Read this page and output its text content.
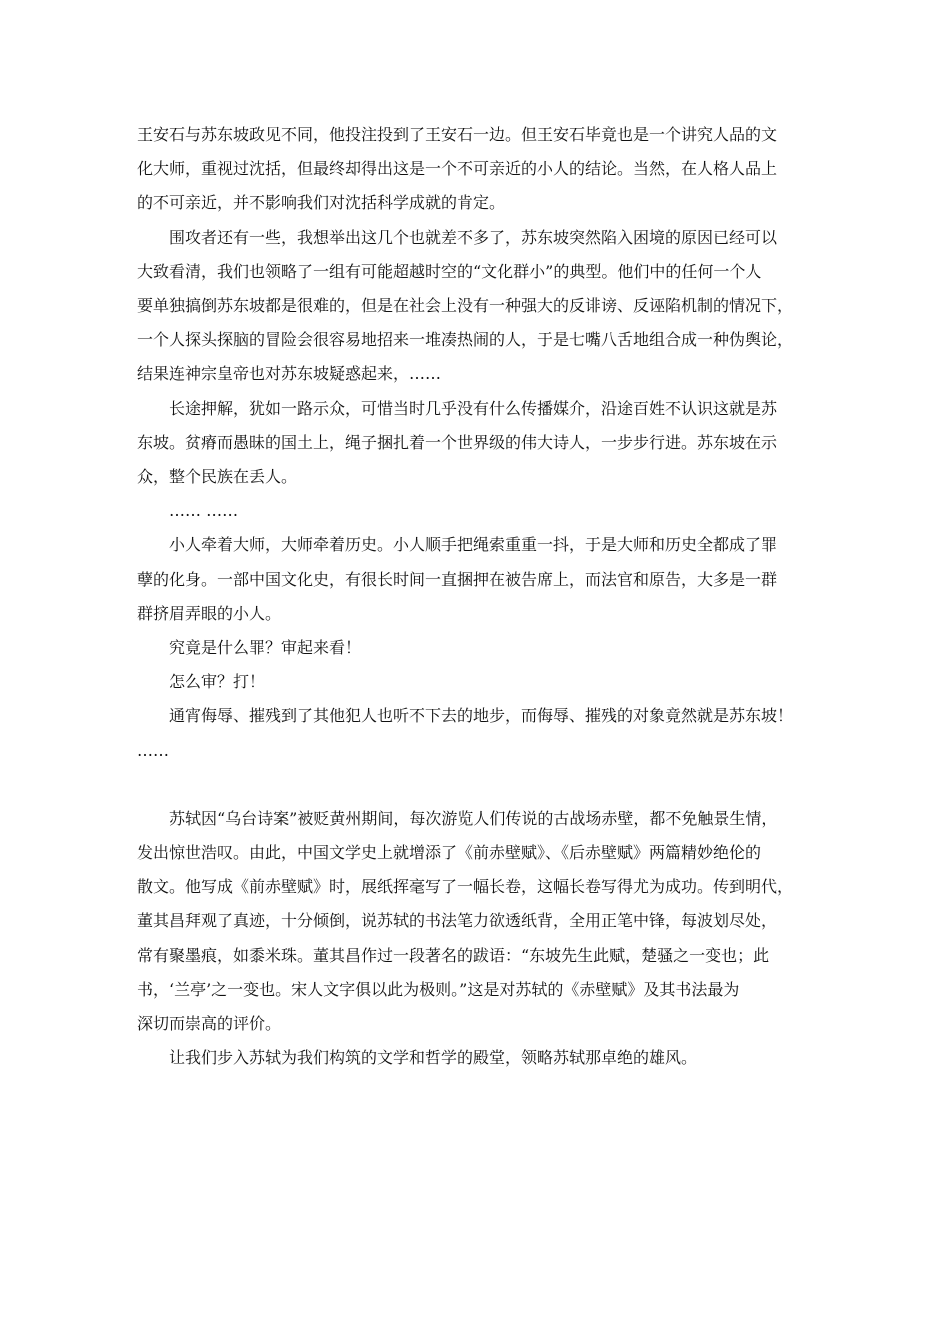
王安石与苏东坡政见不同，他投注投到了王安石一边。但王安石毕竟也是一个讲究人品的文
化大师，重视过沈括，但最终却得出这是一个不可亲近的小人的结论。当然，在人格人品上
的不可亲近，并不影响我们对沈括科学成就的肯定。

围攻者还有一些，我想举出这几个也就差不多了，苏东坡突然陷入困境的原因已经可以
大致看清，我们也领略了一组有可能超越时空的“文化群小”的典型。他们中的任何一个人
要单独搞倒苏东坡都是很难的，但是在社会上没有一种强大的反诽谤、反诬陷机制的情况下，
一个人探头探脑的冒险会很容易地招来一堆凑热闹的人，于是七嘴八舌地组合成一种伪舆论，
结果连神宗皇帝也对苏东坡疑惑起来，……

长途押解，犹如一路示众，可惜当时几乎没有什么传播媒介，沿途百姓不认识这就是苏
东坡。贫瘠而愚昧的国土上，绳子捆扎着一个世界级的伟大诗人，一步步行进。苏东坡在示
众，整个民族在丢人。

…… ……

小人牵着大师，大师牵着历史。小人顺手把绳索重重一抖，于是大师和历史全都成了罪
孽的化身。一部中国文化史，有很长时间一直捆押在被告席上，而法官和原告，大多是一群
群挤眉弄眼的小人。

究竟是什么罪？审起来看！

怎么审？打！

通宵侮辱、摧残到了其他犯人也听不下去的地步，而侮辱、摧残的对象竟然就是苏东坡！

……

苏轼因“乌台诗案”被贬黄州期间，每次游览人们传说的古战场赤壁，都不免触景生情，
发出惊世浩叹。由此，中国文学史上就增添了《前赤壁赋》、《后赤壁赋》两篇精妙绝伦的
散文。他写成《前赤壁赋》时，展纸挥毫写了一幅长卷，这幅长卷写得尤为成功。传到明代，
董其昌拜观了真迹，十分倾倒，说苏轼的书法笔力欲透纸背，全用正笔中锋，每波划尽处，
常有聚墨痕，如黍米珠。董其昌作过一段著名的跋语：“东坡先生此赋，楚骚之一变也；此
书，‘兰亭’之一变也。宋人文字俱以此为极则。”这是对苏轼的《赤壁赋》及其书法最为
深切而崇高的评价。

让我们步入苏轼为我们构筑的文学和哲学的殿堂，领略苏轼那卓绝的雄风。
